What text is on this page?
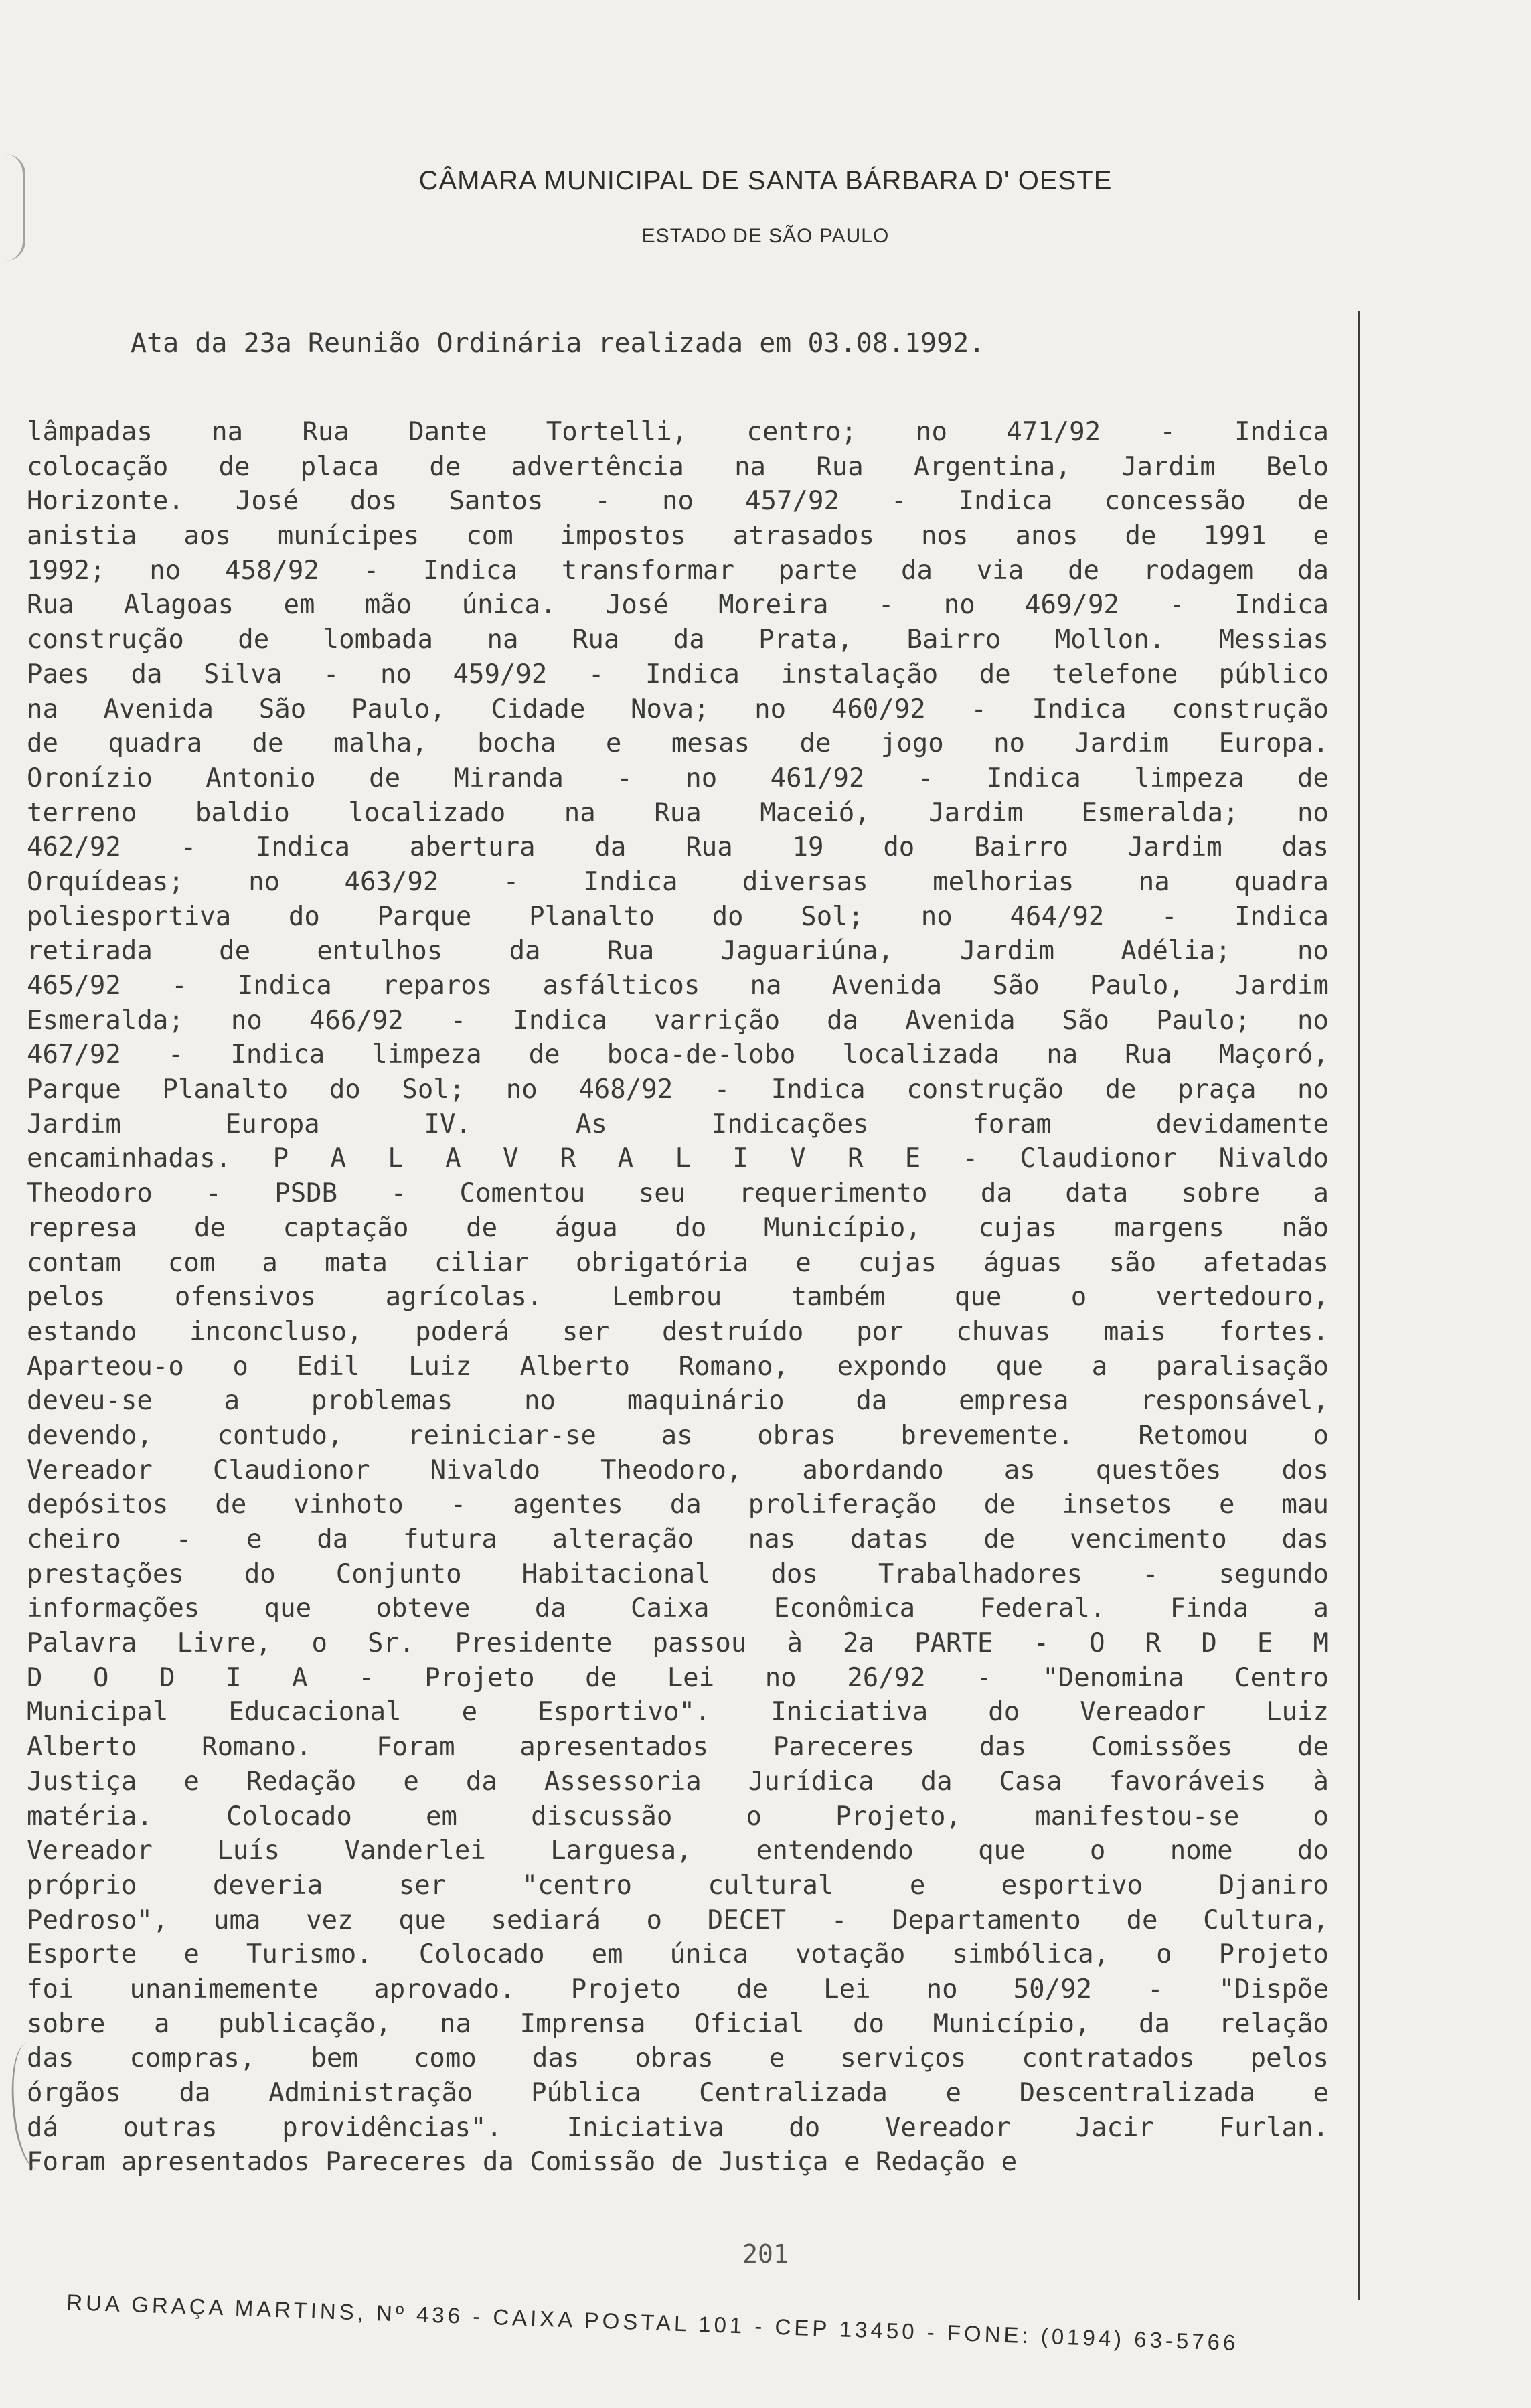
CÂMARA MUNICIPAL DE SANTA BÁRBARA D' OESTE
ESTADO DE SÃO PAULO
Ata da 23a Reunião Ordinária realizada em 03.08.1992.
lâmpadas na Rua Dante Tortelli, centro; no 471/92 - Indica
colocação de placa de advertência na Rua Argentina, Jardim Belo
Horizonte. José dos Santos - no 457/92 - Indica concessão de
anistia aos munícipes com impostos atrasados nos anos de 1991 e
1992; no 458/92 - Indica transformar parte da via de rodagem da
Rua Alagoas em mão única. José Moreira - no 469/92 - Indica
construção de lombada na Rua da Prata, Bairro Mollon. Messias
Paes da Silva - no 459/92 - Indica instalação de telefone público
na Avenida São Paulo, Cidade Nova; no 460/92 - Indica construção
de quadra de malha, bocha e mesas de jogo no Jardim Europa.
Oronízio Antonio de Miranda - no 461/92 - Indica limpeza de
terreno baldio localizado na Rua Maceió, Jardim Esmeralda; no
462/92 - Indica abertura da Rua 19 do Bairro Jardim das
Orquídeas; no 463/92 - Indica diversas melhorias na quadra
poliesportiva do Parque Planalto do Sol; no 464/92 - Indica
retirada de entulhos da Rua Jaguariúna, Jardim Adélia; no
465/92 - Indica reparos asfálticos na Avenida São Paulo, Jardim
Esmeralda; no 466/92 - Indica varrição da Avenida São Paulo; no
467/92 - Indica limpeza de boca-de-lobo localizada na Rua Maçoró,
Parque Planalto do Sol; no 468/92 - Indica construção de praça no
Jardim Europa IV. As Indicações foram devidamente
encaminhadas. P A L A V R A L I V R E - Claudionor Nivaldo
Theodoro - PSDB - Comentou seu requerimento da data sobre a
represa de captação de água do Município, cujas margens não
contam com a mata ciliar obrigatória e cujas águas são afetadas
pelos ofensivos agrícolas. Lembrou também que o vertedouro,
estando inconcluso, poderá ser destruído por chuvas mais fortes.
Aparteou-o o Edil Luiz Alberto Romano, expondo que a paralisação
deveu-se a problemas no maquinário da empresa responsável,
devendo, contudo, reiniciar-se as obras brevemente. Retomou o
Vereador Claudionor Nivaldo Theodoro, abordando as questões dos
depósitos de vinhoto - agentes da proliferação de insetos e mau
cheiro - e da futura alteração nas datas de vencimento das
prestações do Conjunto Habitacional dos Trabalhadores - segundo
informações que obteve da Caixa Econômica Federal. Finda a
Palavra Livre, o Sr. Presidente passou à 2a PARTE - O R D E M
D O D I A - Projeto de Lei no 26/92 - "Denomina Centro
Municipal Educacional e Esportivo". Iniciativa do Vereador Luiz
Alberto Romano. Foram apresentados Pareceres das Comissões de
Justiça e Redação e da Assessoria Jurídica da Casa favoráveis à
matéria. Colocado em discussão o Projeto, manifestou-se o
Vereador Luís Vanderlei Larguesa, entendendo que o nome do
próprio deveria ser "centro cultural e esportivo Djaniro
Pedroso", uma vez que sediará o DECET - Departamento de Cultura,
Esporte e Turismo. Colocado em única votação simbólica, o Projeto
foi unanimemente aprovado. Projeto de Lei no 50/92 - "Dispõe
sobre a publicação, na Imprensa Oficial do Município, da relação
das compras, bem como das obras e serviços contratados pelos
órgãos da Administração Pública Centralizada e Descentralizada e
dá outras providências". Iniciativa do Vereador Jacir Furlan.
Foram apresentados Pareceres da Comissão de Justiça e Redação e
201
RUA GRAÇA MARTINS, Nº 436 - CAIXA POSTAL 101 - CEP 13450 - FONE: (0194) 63-5766
